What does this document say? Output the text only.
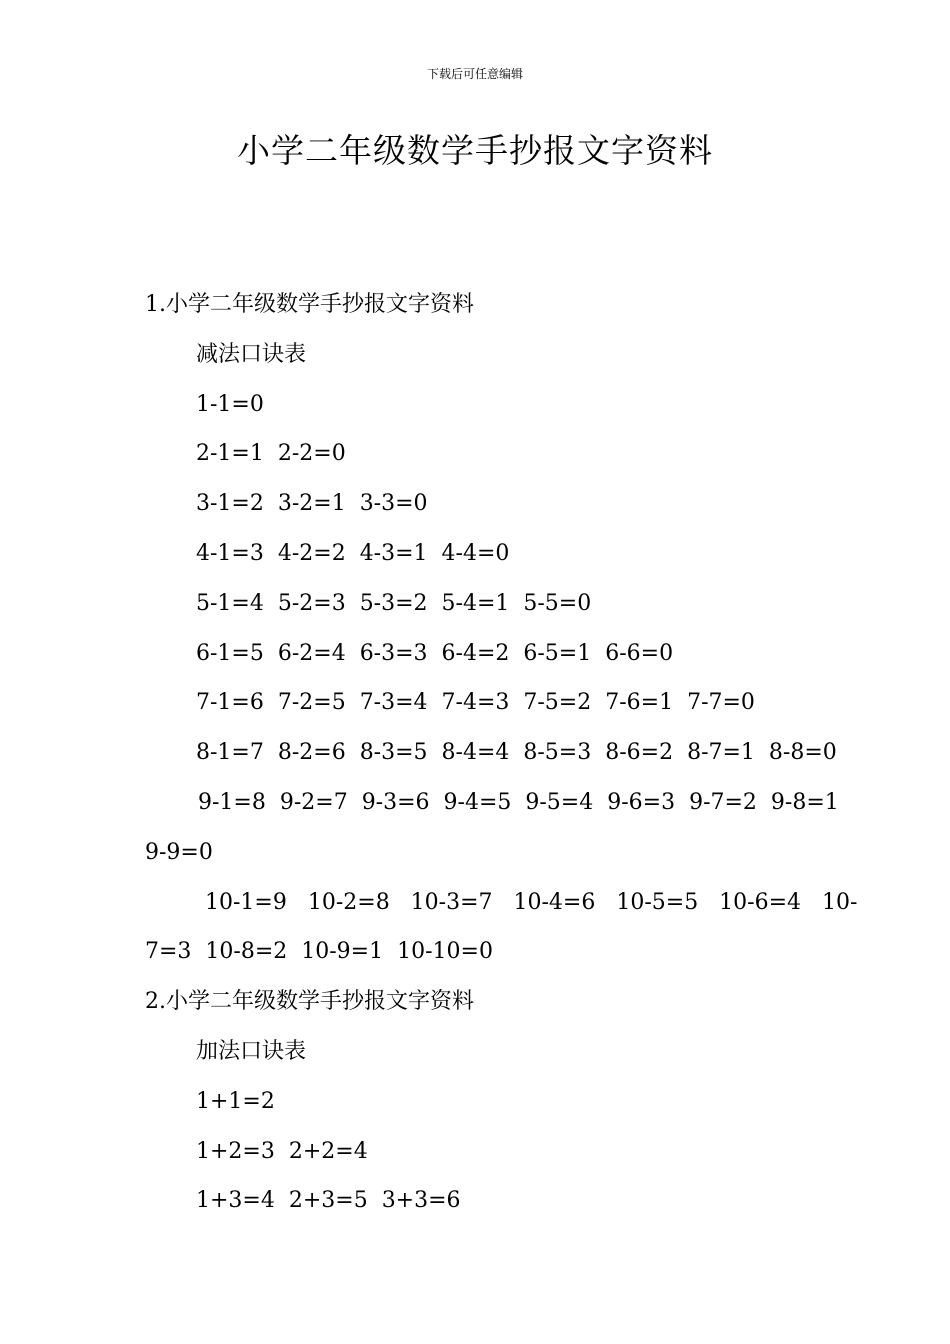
下载后可任意编辑
小学二年级数学手抄报文字资料
1.小学二年级数学手抄报文字资料
减法口诀表
1-1=0
2-1=1  2-2=0
3-1=2  3-2=1  3-3=0
4-1=3  4-2=2  4-3=1  4-4=0
5-1=4  5-2=3  5-3=2  5-4=1  5-5=0
6-1=5  6-2=4  6-3=3  6-4=2  6-5=1  6-6=0
7-1=6  7-2=5  7-3=4  7-4=3  7-5=2  7-6=1  7-7=0
8-1=7  8-2=6  8-3=5  8-4=4  8-5=3  8-6=2  8-7=1  8-8=0
9-1=8  9-2=7  9-3=6  9-4=5  9-5=4  9-6=3  9-7=2  9-8=1
9-9=0
10-1=9   10-2=8   10-3=7   10-4=6   10-5=5   10-6=4   10-
7=3  10-8=2  10-9=1  10-10=0
2.小学二年级数学手抄报文字资料
加法口诀表
1+1=2
1+2=3  2+2=4
1+3=4  2+3=5  3+3=6
